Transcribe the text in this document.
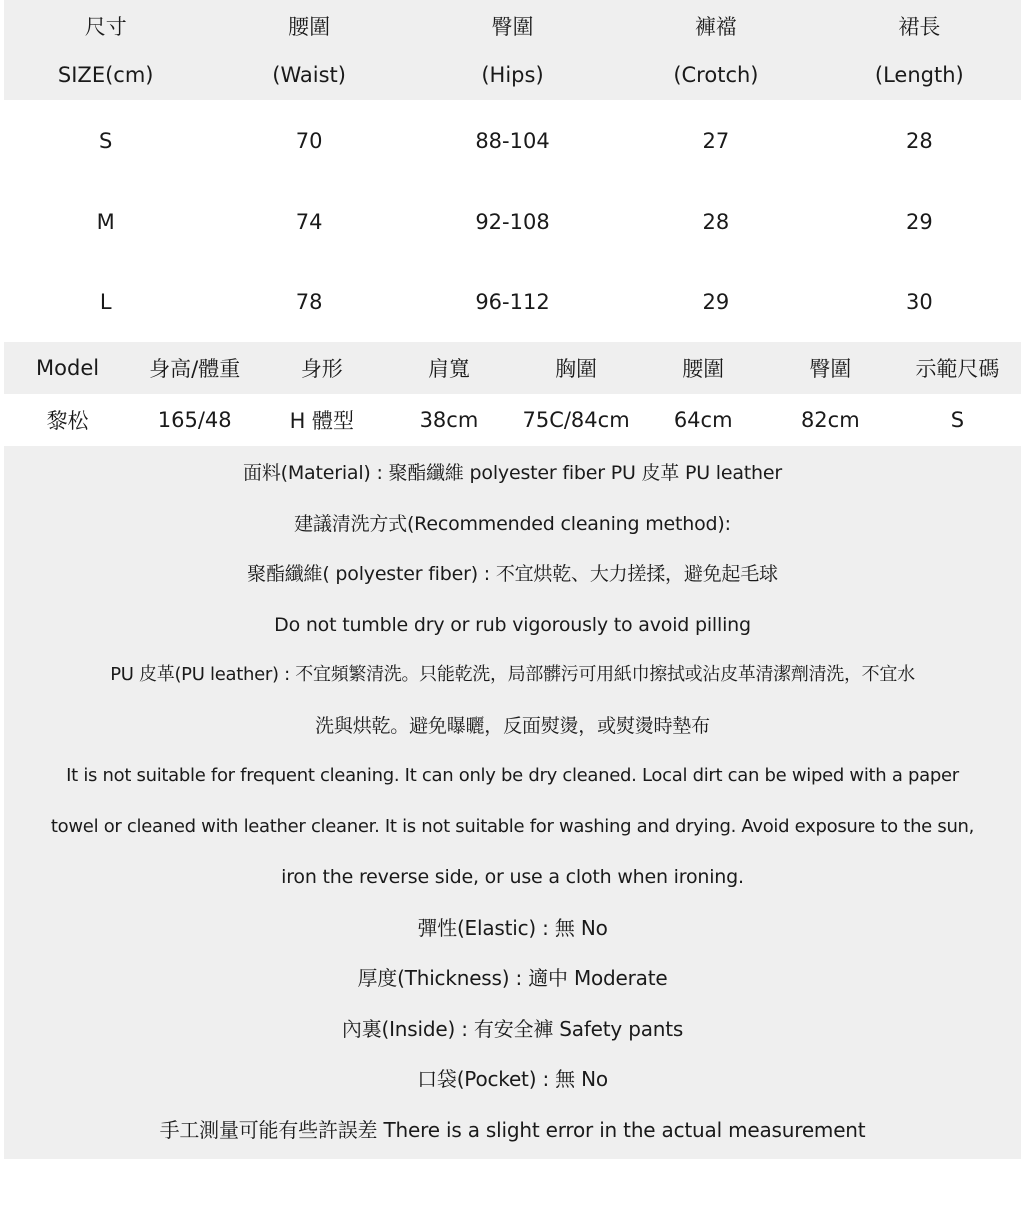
尺寸	腰圍	臀圍	褲襠	裙長
SIZE(cm)	(Waist)	(Hips)	(Crotch)	(Length)
S	70	88-104	27	28
M	74	92-108	28	29
L	78	96-112	29	30
Model	身高/體重	身形	肩寬	胸圍	腰圍	臀圍	示範尺碼
黎松	165/48	H 體型	38cm	75C/84cm	64cm	82cm	S
面料(Material) : 聚酯纖維 polyester fiber PU 皮革 PU leather
建議清洗方式(Recommended cleaning method):
聚酯纖維( polyester fiber) : 不宜烘乾、大力搓揉，避免起毛球
Do not tumble dry or rub vigorously to avoid pilling
PU 皮革(PU leather) : 不宜頻繁清洗。只能乾洗，局部髒污可用紙巾擦拭或沾皮革清潔劑清洗，不宜水
洗與烘乾。避免曝曬，反面熨燙，或熨燙時墊布
It is not suitable for frequent cleaning. It can only be dry cleaned. Local dirt can be wiped with a paper
towel or cleaned with leather cleaner. It is not suitable for washing and drying. Avoid exposure to the sun,
iron the reverse side, or use a cloth when ironing.
彈性(Elastic) : 無 No
厚度(Thickness) : 適中 Moderate
內裏(Inside) : 有安全褲 Safety pants
口袋(Pocket) : 無 No
手工測量可能有些許誤差 There is a slight error in the actual measurement
